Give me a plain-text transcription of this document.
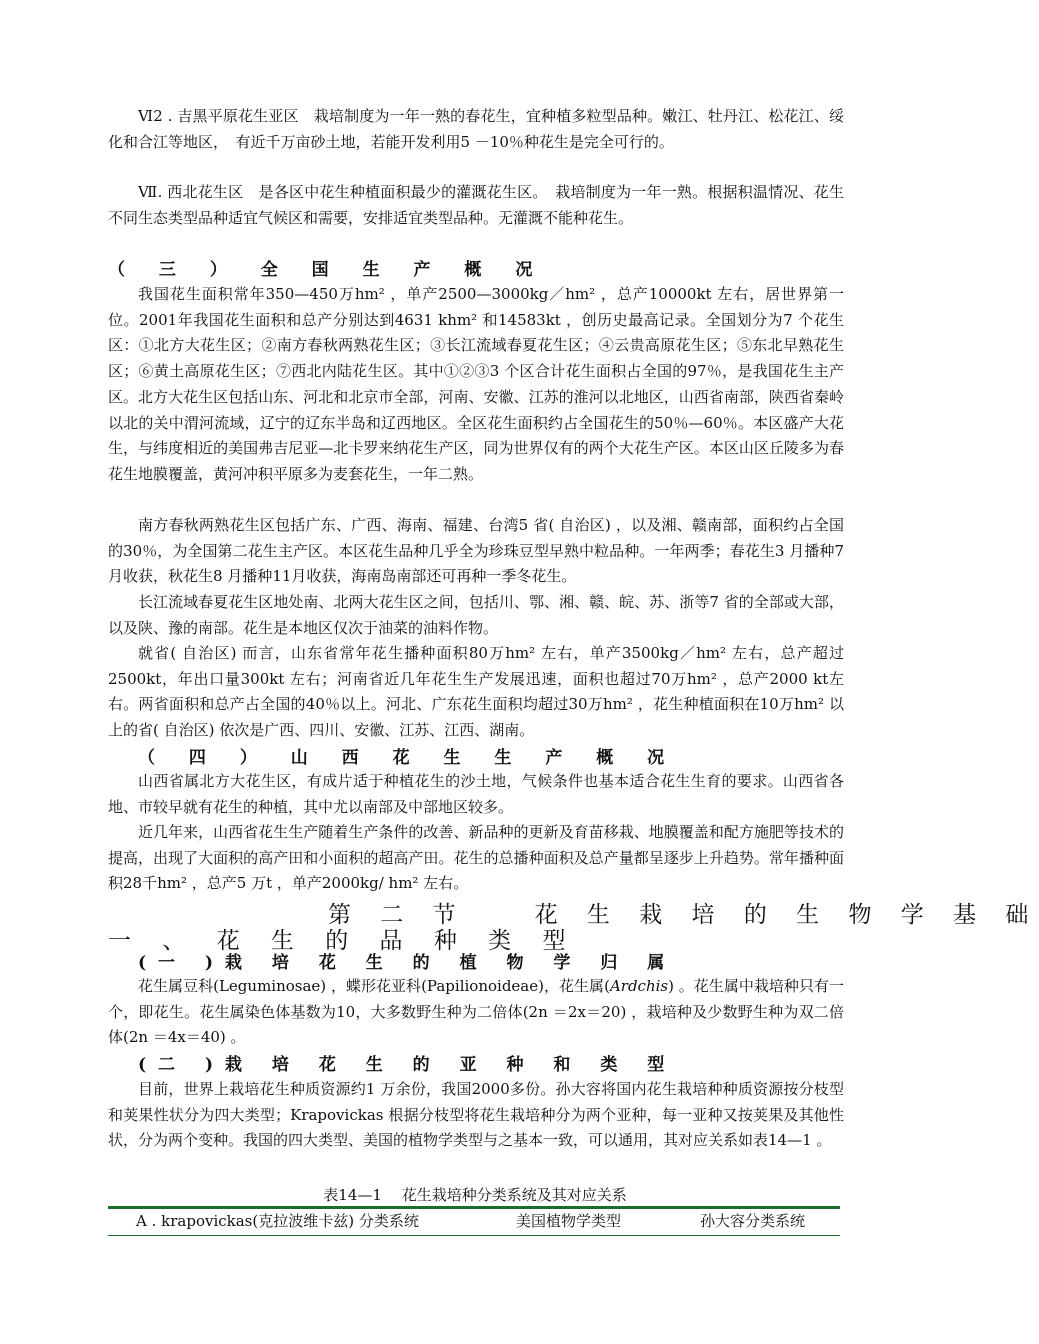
Ⅵ2 . 吉黑平原花生亚区　栽培制度为一年一熟的春花生，宜种植多粒型品种。嫩江、牡丹江、松花江、绥化和合江等地区，　有近千万亩砂土地，若能开发利用5 －10％种花生是完全可行的。

Ⅶ. 西北花生区　是各区中花生种植面积最少的灌溉花生区。　栽培制度为一年一熟。根据积温情况、花生不同生态类型品种适宜气候区和需要，安排适宜类型品种。无灌溉不能种花生。

（ 三 ） 全 国 生 产 概 况

我国花生面积常年350—450万hm² ，单产2500—3000kg／hm² ，总产10000kt 左右，居世界第一位。2001年我国花生面积和总产分别达到4631 khm² 和14583kt ，创历史最高记录。全国划分为7 个花生区：①北方大花生区；②南方春秋两熟花生区；③长江流域春夏花生区；④云贵高原花生区；⑤东北早熟花生区；⑥黄土高原花生区；⑦西北内陆花生区。其中①②③3 个区合计花生面积占全国的97％，是我国花生主产区。北方大花生区包括山东、河北和北京市全部，河南、安徽、江苏的淮河以北地区，山西省南部，陕西省秦岭以北的关中渭河流域，辽宁的辽东半岛和辽西地区。全区花生面积约占全国花生的50％—60％。本区盛产大花生，与纬度相近的美国弗吉尼亚—北卡罗来纳花生产区，同为世界仅有的两个大花生产区。本区山区丘陵多为春花生地膜覆盖，黄河冲积平原多为麦套花生，一年二熟。

南方春秋两熟花生区包括广东、广西、海南、福建、台湾5 省( 自治区) ，以及湘、赣南部，面积约占全国的30％，为全国第二花生主产区。本区花生品种几乎全为珍珠豆型早熟中粒品种。一年两季；春花生3 月播种7 月收获，秋花生8 月播种11月收获，海南岛南部还可再种一季冬花生。

长江流域春夏花生区地处南、北两大花生区之间，包括川、鄂、湘、赣、皖、苏、浙等7 省的全部或大部，以及陕、豫的南部。花生是本地区仅次于油菜的油料作物。

就省( 自治区) 而言，山东省常年花生播种面积80万hm² 左右，单产3500kg／hm² 左右，总产超过2500kt，年出口量300kt 左右；河南省近几年花生生产发展迅速，面积也超过70万hm² ，总产2000 kt左右。两省面积和总产占全国的40％以上。河北、广东花生面积均超过30万hm² ，花生种植面积在10万hm² 以上的省( 自治区) 依次是广西、四川、安徽、江苏、江西、湖南。

（ 四 ） 山 西 花 生 生 产 概 况

山西省属北方大花生区，有成片适于种植花生的沙土地，气候条件也基本适合花生生育的要求。山西省各地、市较早就有花生的种植，其中尤以南部及中部地区较多。

近几年来，山西省花生生产随着生产条件的改善、新品种的更新及育苗移栽、地膜覆盖和配方施肥等技术的提高，出现了大面积的高产田和小面积的超高产田。花生的总播种面积及总产量都呈逐步上升趋势。常年播种面积28千hm² ，总产5 万t ，单产2000kg/ hm² 左右。

第 二 节　　花 生 栽 培 的 生 物 学 基 础
一 、 花 生 的 品 种 类 型
(一 )栽 培 花 生 的 植 物 学 归 属

花生属豆科(Leguminosae) ，蝶形花亚科(Papilionoideae)，花生属(Ardchis) 。花生属中栽培种只有一个，即花生。花生属染色体基数为10，大多数野生种为二倍体(2n ＝2x＝20) ，栽培种及少数野生种为双二倍体(2n ＝4x＝40) 。

(二 )栽 培 花 生 的 亚 种 和 类 型

目前，世界上栽培花生种质资源约1 万余份，我国2000多份。孙大容将国内花生栽培种种质资源按分枝型和荚果性状分为四大类型；Krapovickas 根据分枝型将花生栽培种分为两个亚种，每一亚种又按荚果及其他性状，分为两个变种。我国的四大类型、美国的植物学类型与之基本一致，可以通用，其对应关系如表14—1 。

表14—1　 花生栽培种分类系统及其对应关系

A . krapovickas(克拉波维卡兹) 分类系统	美国植物学类型	孙大容分类系统
